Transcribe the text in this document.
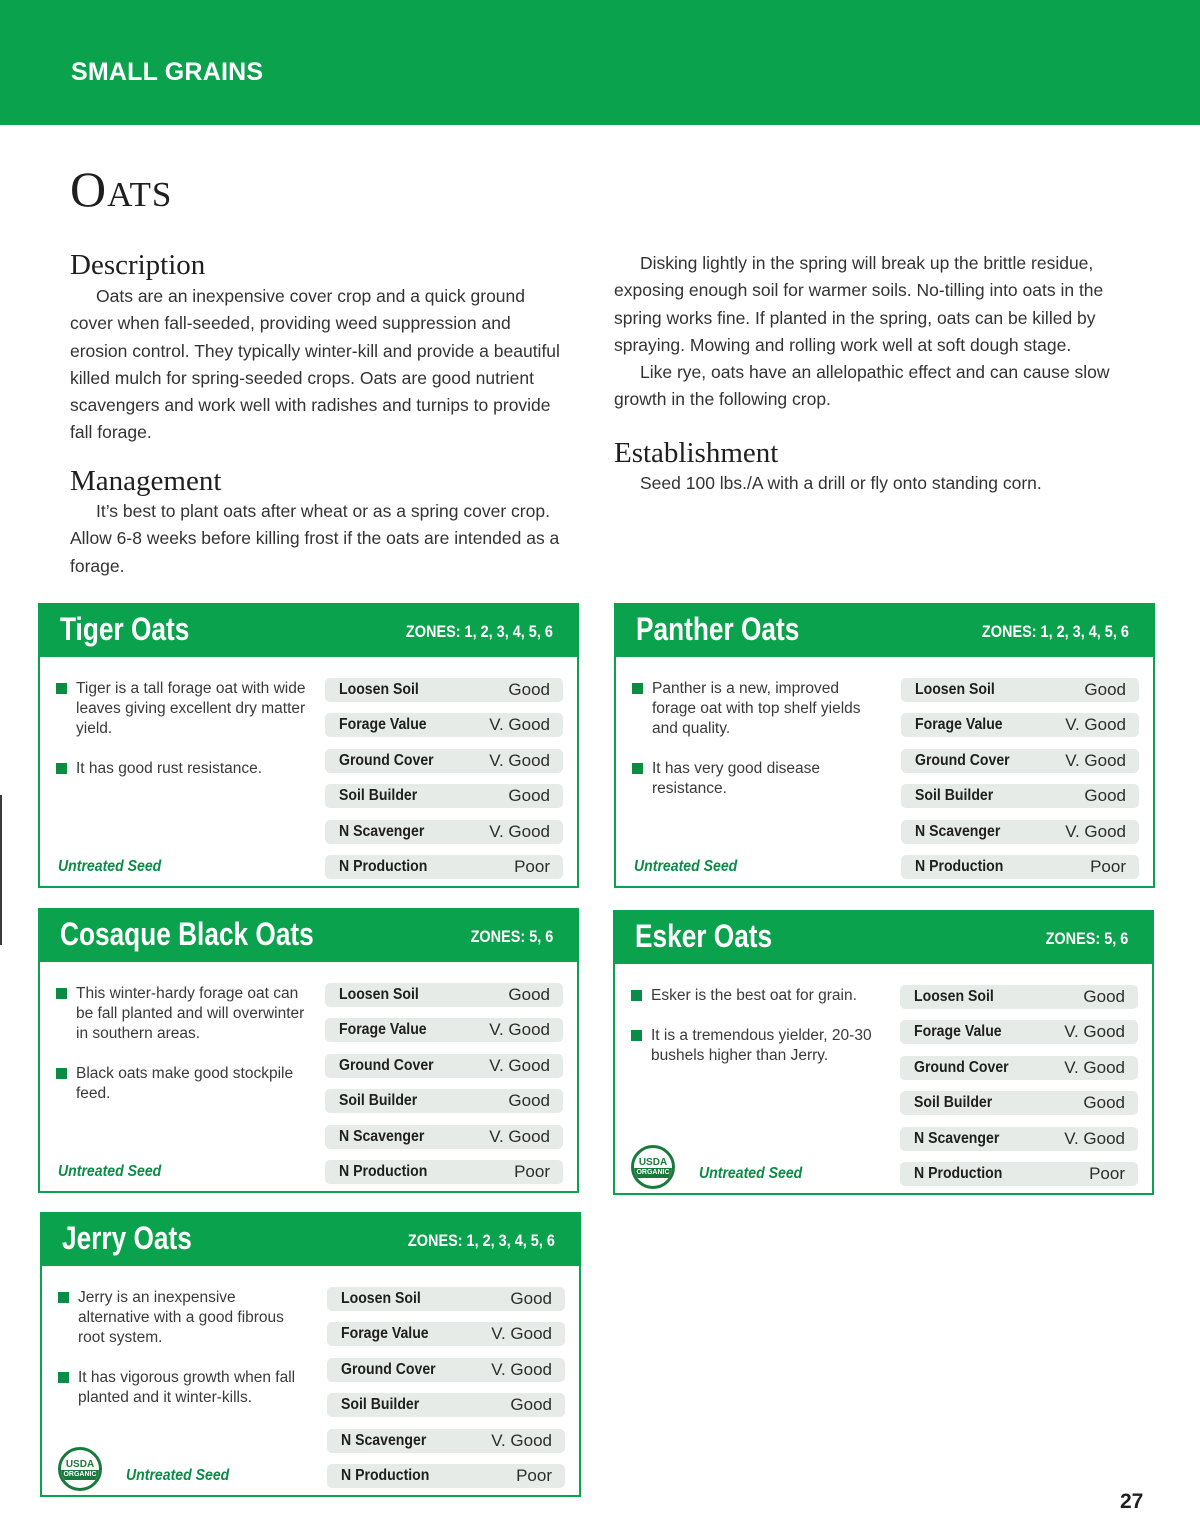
SMALL GRAINS
Oats
Description

Oats are an inexpensive cover crop and a quick ground cover when fall-seeded, providing weed suppression and erosion control. They typically winter-kill and provide a beautiful killed mulch for spring-seeded crops. Oats are good nutrient scavengers and work well with radishes and turnips to provide fall forage.

Management

It’s best to plant oats after wheat or as a spring cover crop. Allow 6-8 weeks before killing frost if the oats are intended as a forage.

Disking lightly in the spring will break up the brittle residue, exposing enough soil for warmer soils. No-tilling into oats in the spring works fine. If planted in the spring, oats can be killed by spraying. Mowing and rolling work well at soft dough stage.

Like rye, oats have an allelopathic effect and can cause slow growth in the following crop.

Establishment

Seed 100 lbs./A with a drill or fly onto standing corn.

Tiger Oats	ZONES: 1, 2, 3, 4, 5, 6
Tiger is a tall forage oat with wide leaves giving excellent dry matter yield.
It has good rust resistance.
Untreated Seed
Loosen Soil	Good
Forage Value	V. Good
Ground Cover	V. Good
Soil Builder	Good
N Scavenger	V. Good
N Production	Poor
Panther Oats	ZONES: 1, 2, 3, 4, 5, 6
Panther is a new, improved forage oat with top shelf yields and quality.
It has very good disease resistance.
Untreated Seed
Loosen Soil	Good
Forage Value	V. Good
Ground Cover	V. Good
Soil Builder	Good
N Scavenger	V. Good
N Production	Poor
Cosaque Black Oats	ZONES: 5, 6
This winter-hardy forage oat can be fall planted and will overwinter in southern areas.
Black oats make good stockpile feed.
Untreated Seed
Loosen Soil	Good
Forage Value	V. Good
Ground Cover	V. Good
Soil Builder	Good
N Scavenger	V. Good
N Production	Poor
Esker Oats	ZONES: 5, 6
Esker is the best oat for grain.
It is a tremendous yielder, 20-30 bushels higher than Jerry.
USDA
ORGANIC Untreated Seed
Loosen Soil	Good
Forage Value	V. Good
Ground Cover	V. Good
Soil Builder	Good
N Scavenger	V. Good
N Production	Poor
Jerry Oats	ZONES: 1, 2, 3, 4, 5, 6
Jerry is an inexpensive alternative with a good fibrous root system.
It has vigorous growth when fall planted and it winter-kills.
USDA
ORGANIC Untreated Seed
Loosen Soil	Good
Forage Value	V. Good
Ground Cover	V. Good
Soil Builder	Good
N Scavenger	V. Good
N Production	Poor
27
